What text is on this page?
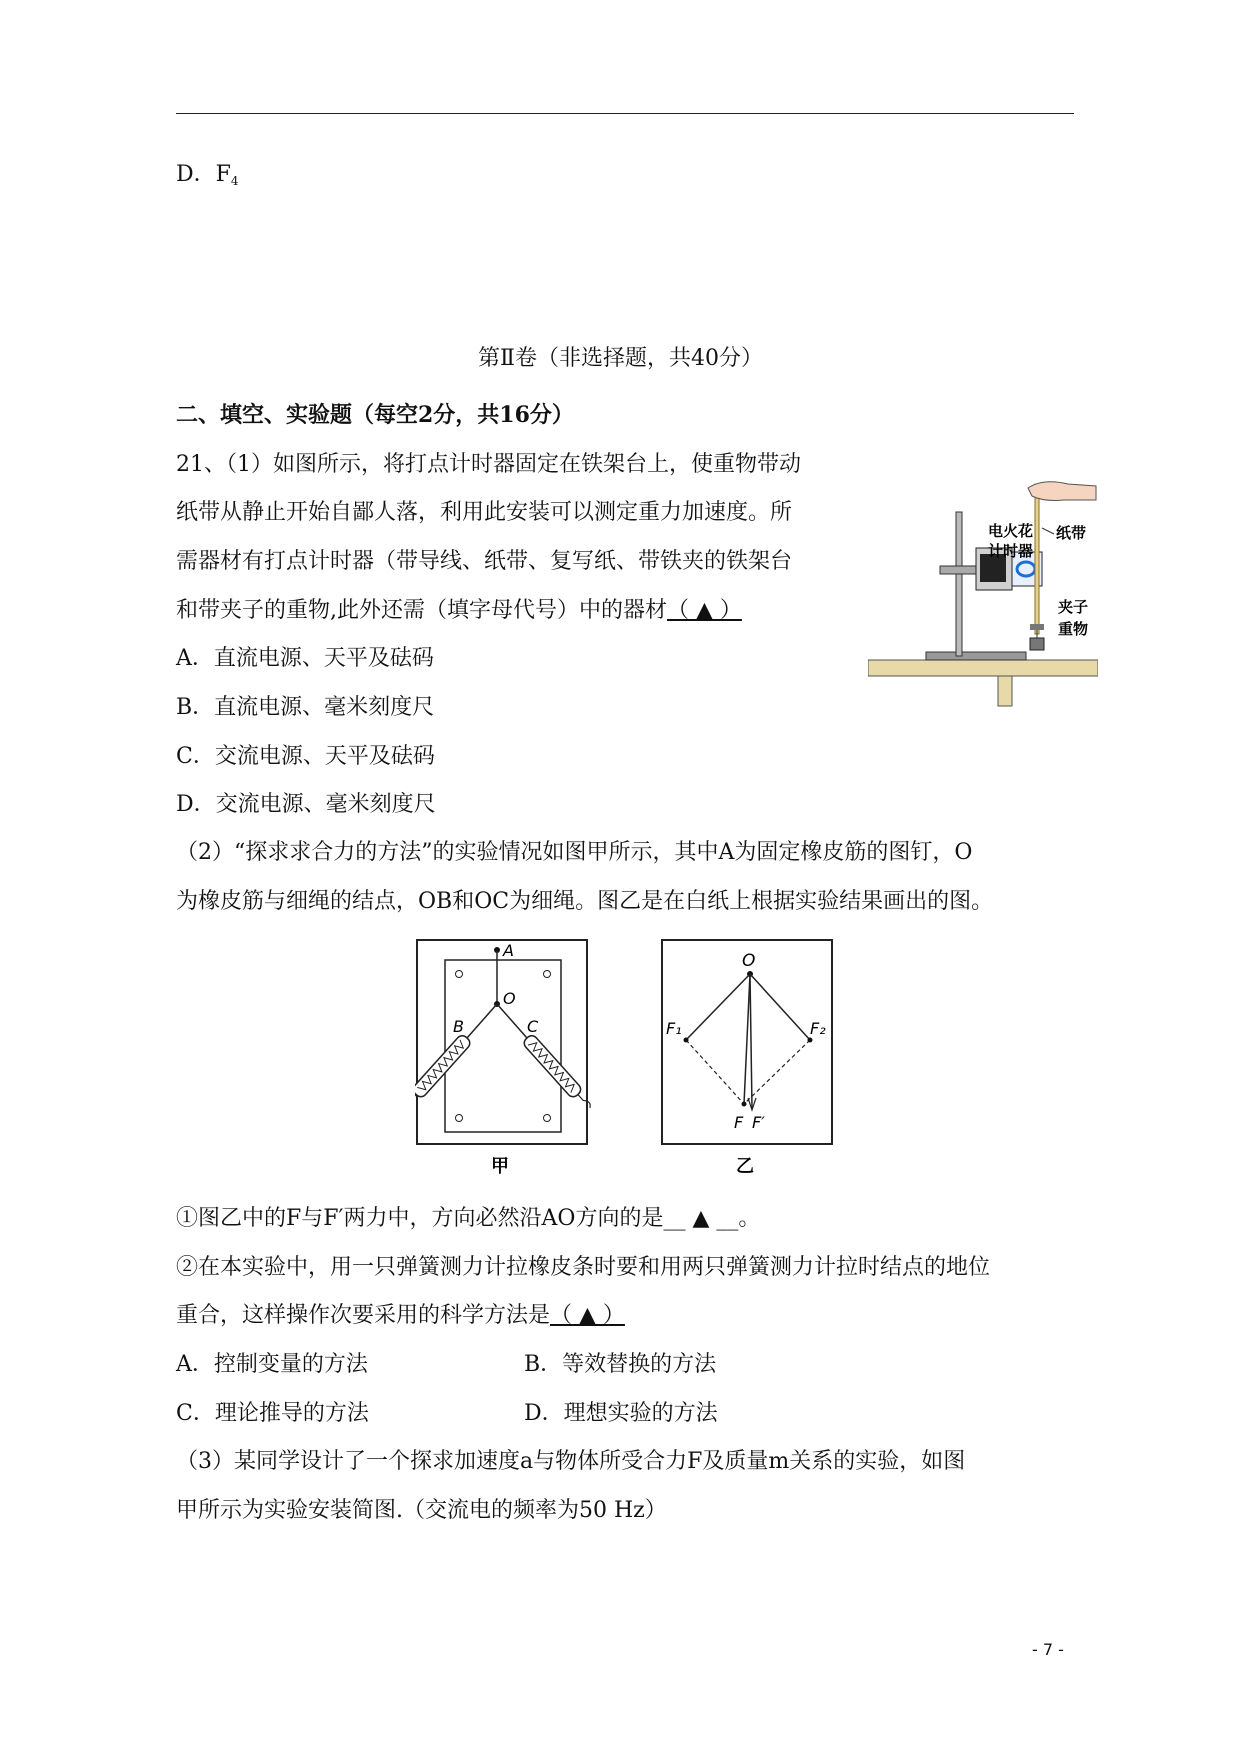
D．$F_4$
第Ⅱ卷（非选择题，共40分）
二、填空、实验题（每空2分，共16分）
21、（1）如图所示，将打点计时器固定在铁架台上，使重物带动
纸带从静止开始自鄙人落，利用此安装可以测定重力加速度。所
需器材有打点计时器（带导线、纸带、复写纸、带铁夹的铁架台
和带夹子的重物,此外还需（填字母代号）中的器材（ ▲ ）
A．直流电源、天平及砝码
B．直流电源、毫米刻度尺
C．交流电源、天平及砝码
D．交流电源、毫米刻度尺
电火花
计时器
纸带
夹子
重物
（2）“探求求合力的方法”的实验情况如图甲所示，其中A为固定橡皮筋的图钉，O
为橡皮筋与细绳的结点，OB和OC为细绳。图乙是在白纸上根据实验结果画出的图。
A
O
B	C
甲
O
F₁	F₂
F F′
乙
①图乙中的F与F′两力中，方向必然沿AO方向的是__ ▲ __。
②在本实验中，用一只弹簧测力计拉橡皮条时要和用两只弹簧测力计拉时结点的地位
重合，这样操作次要采用的科学方法是（ ▲ ）
A．控制变量的方法	B．等效替换的方法
C．理论推导的方法	D．理想实验的方法
（3）某同学设计了一个探求加速度a与物体所受合力F及质量m关系的实验，如图
甲所示为实验安装简图.（交流电的频率为50 Hz）
- 7 -
